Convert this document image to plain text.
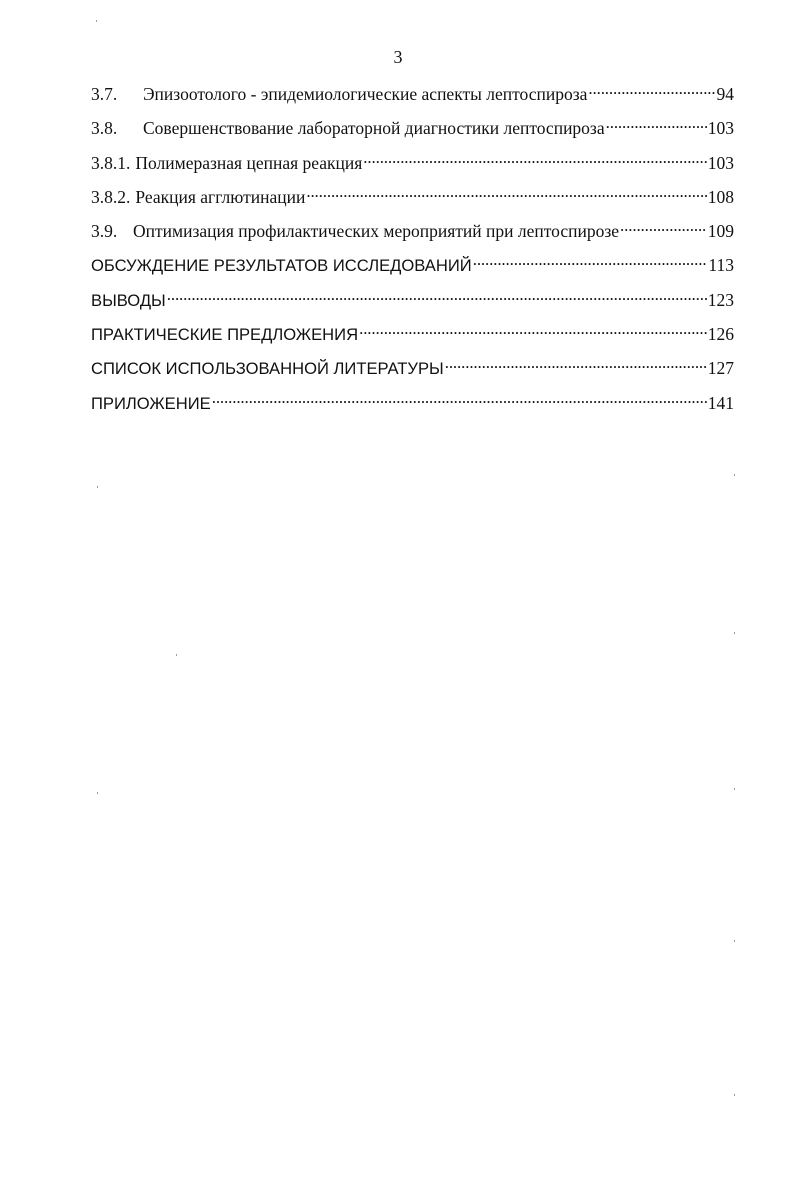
3
3.7.	Эпизоотолого - эпидемиологические аспекты лептоспироза . . .	94
3.8.	Совершенствование лабораторной диагностики лептоспироза . . .	103
3.8.1. Полимеразная цепная реакция . . .	103
3.8.2. Реакция агглютинации . . .	108
3.9. Оптимизация профилактических мероприятий при лептоспирозе . . .	109
ОБСУЖДЕНИЕ РЕЗУЛЬТАТОВ ИССЛЕДОВАНИЙ . . .	113
ВЫВОДЫ . . .	123
ПРАКТИЧЕСКИЕ ПРЕДЛОЖЕНИЯ . . .	126
СПИСОК ИСПОЛЬЗОВАННОЙ ЛИТЕРАТУРЫ . . .	127
ПРИЛОЖЕНИЕ . . .	141
